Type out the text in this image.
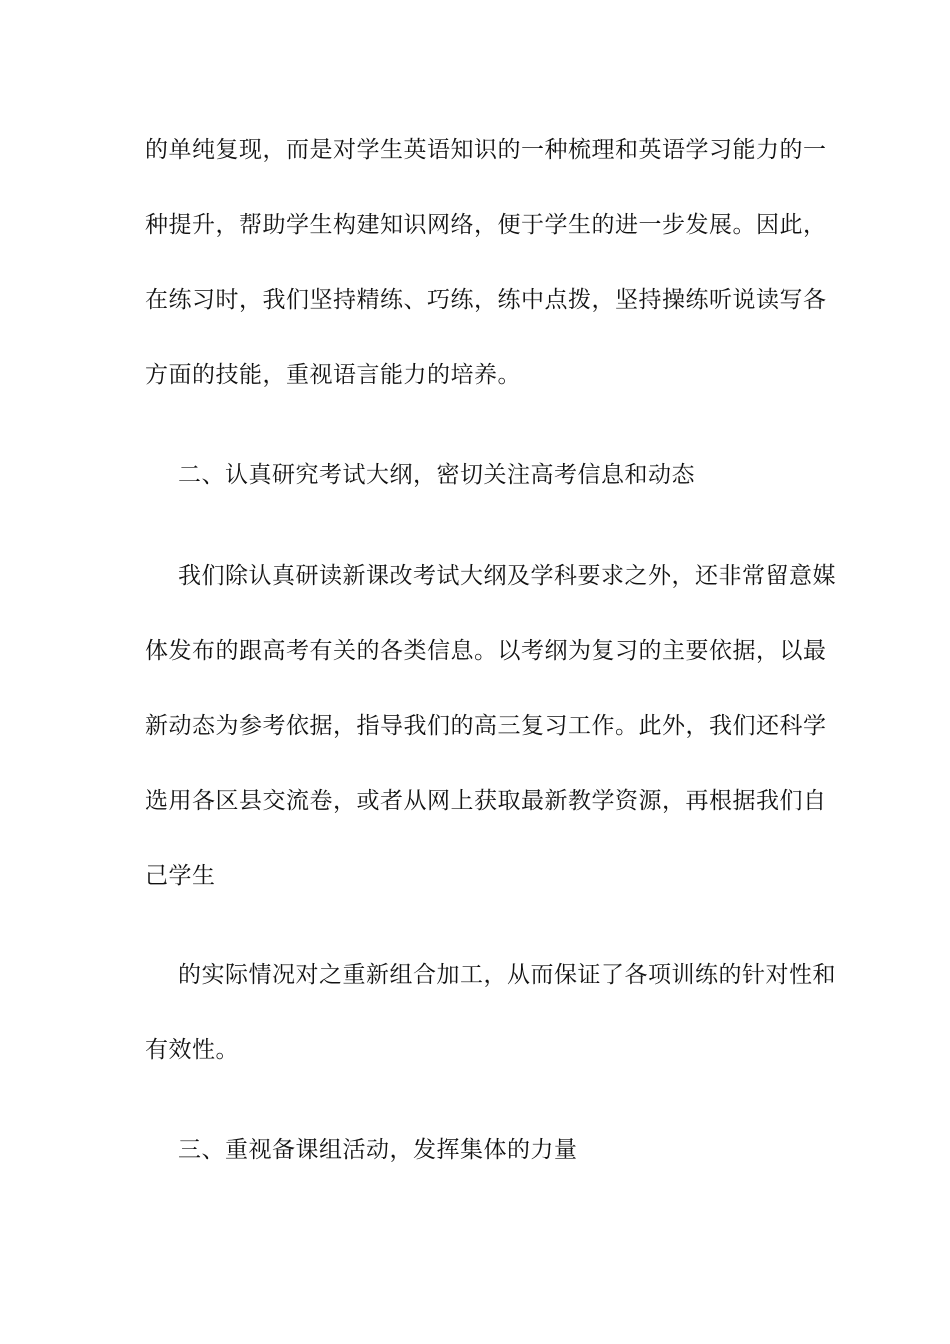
的单纯复现，而是对学生英语知识的一种梳理和英语学习能力的一
种提升，帮助学生构建知识网络，便于学生的进一步发展。因此，
在练习时，我们坚持精练、巧练，练中点拨，坚持操练听说读写各
方面的技能，重视语言能力的培养。
二、认真研究考试大纲，密切关注高考信息和动态
我们除认真研读新课改考试大纲及学科要求之外，还非常留意媒
体发布的跟高考有关的各类信息。以考纲为复习的主要依据，以最
新动态为参考依据，指导我们的高三复习工作。此外，我们还科学
选用各区县交流卷，或者从网上获取最新教学资源，再根据我们自
己学生
的实际情况对之重新组合加工，从而保证了各项训练的针对性和
有效性。
三、重视备课组活动，发挥集体的力量
